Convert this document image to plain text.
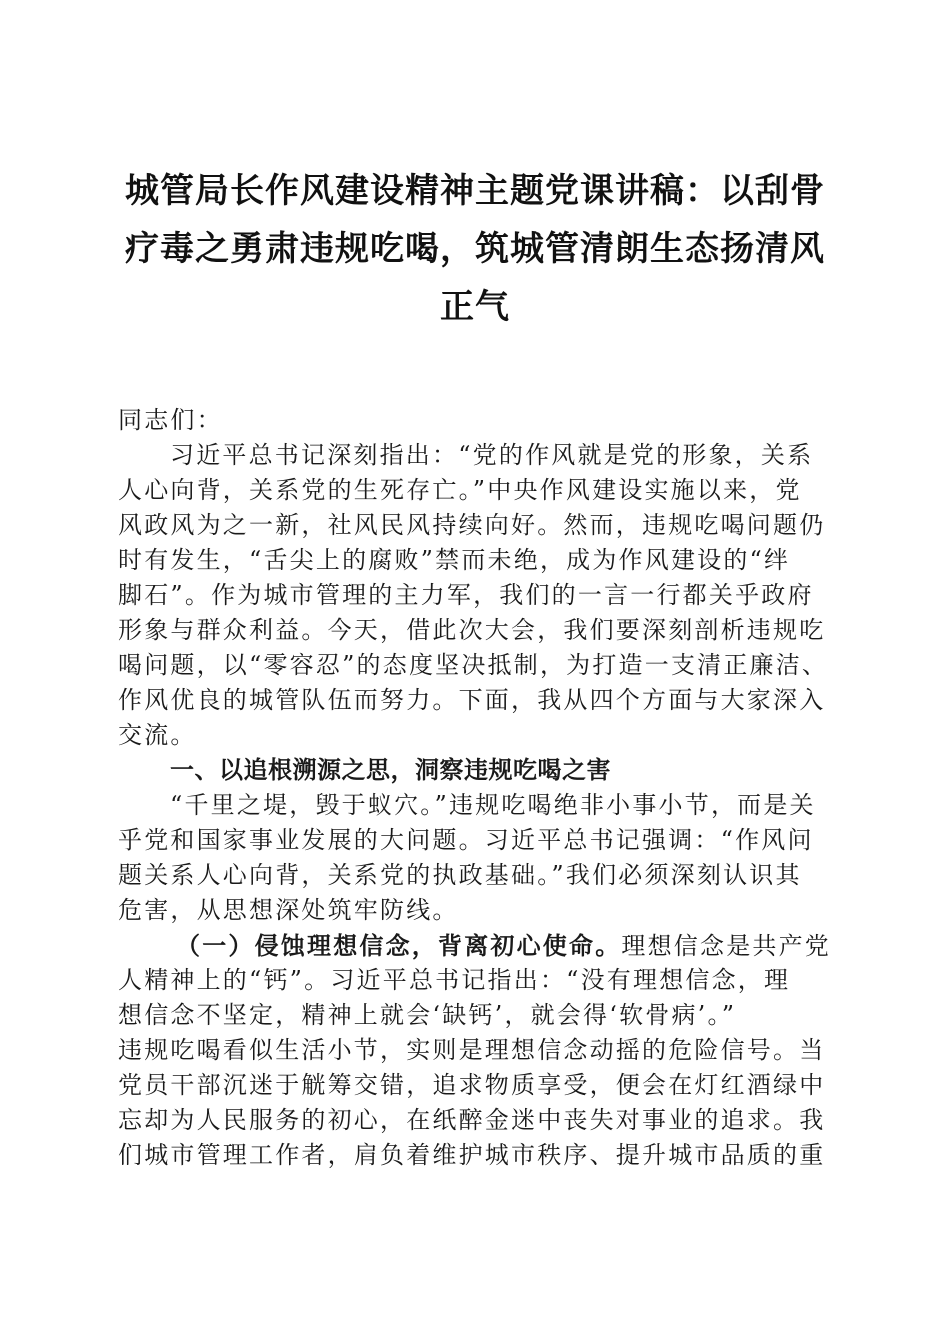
城管局长作风建设精神主题党课讲稿：以刮骨
疗毒之勇肃违规吃喝，筑城管清朗生态扬清风
正气
同志们：
习近平总书记深刻指出：“党的作风就是党的形象，关系
人心向背，关系党的生死存亡。”中央作风建设实施以来，党
风政风为之一新，社风民风持续向好。然而，违规吃喝问题仍
时有发生，“舌尖上的腐败”禁而未绝，成为作风建设的“绊
脚石”。作为城市管理的主力军，我们的一言一行都关乎政府
形象与群众利益。今天，借此次大会，我们要深刻剖析违规吃
喝问题，以“零容忍”的态度坚决抵制，为打造一支清正廉洁、
作风优良的城管队伍而努力。下面，我从四个方面与大家深入
交流。
一、以追根溯源之思，洞察违规吃喝之害
“千里之堤，毁于蚁穴。”违规吃喝绝非小事小节，而是关
乎党和国家事业发展的大问题。习近平总书记强调：“作风问
题关系人心向背，关系党的执政基础。”我们必须深刻认识其
危害，从思想深处筑牢防线。
（一）侵蚀理想信念，背离初心使命。理想信念是共产党
人精神上的“钙”。习近平总书记指出：“没有理想信念，理
想信念不坚定，精神上就会‘缺钙’，就会得‘软骨病’。”
违规吃喝看似生活小节，实则是理想信念动摇的危险信号。当
党员干部沉迷于觥筹交错，追求物质享受，便会在灯红酒绿中
忘却为人民服务的初心，在纸醉金迷中丧失对事业的追求。我
们城市管理工作者，肩负着维护城市秩序、提升城市品质的重
